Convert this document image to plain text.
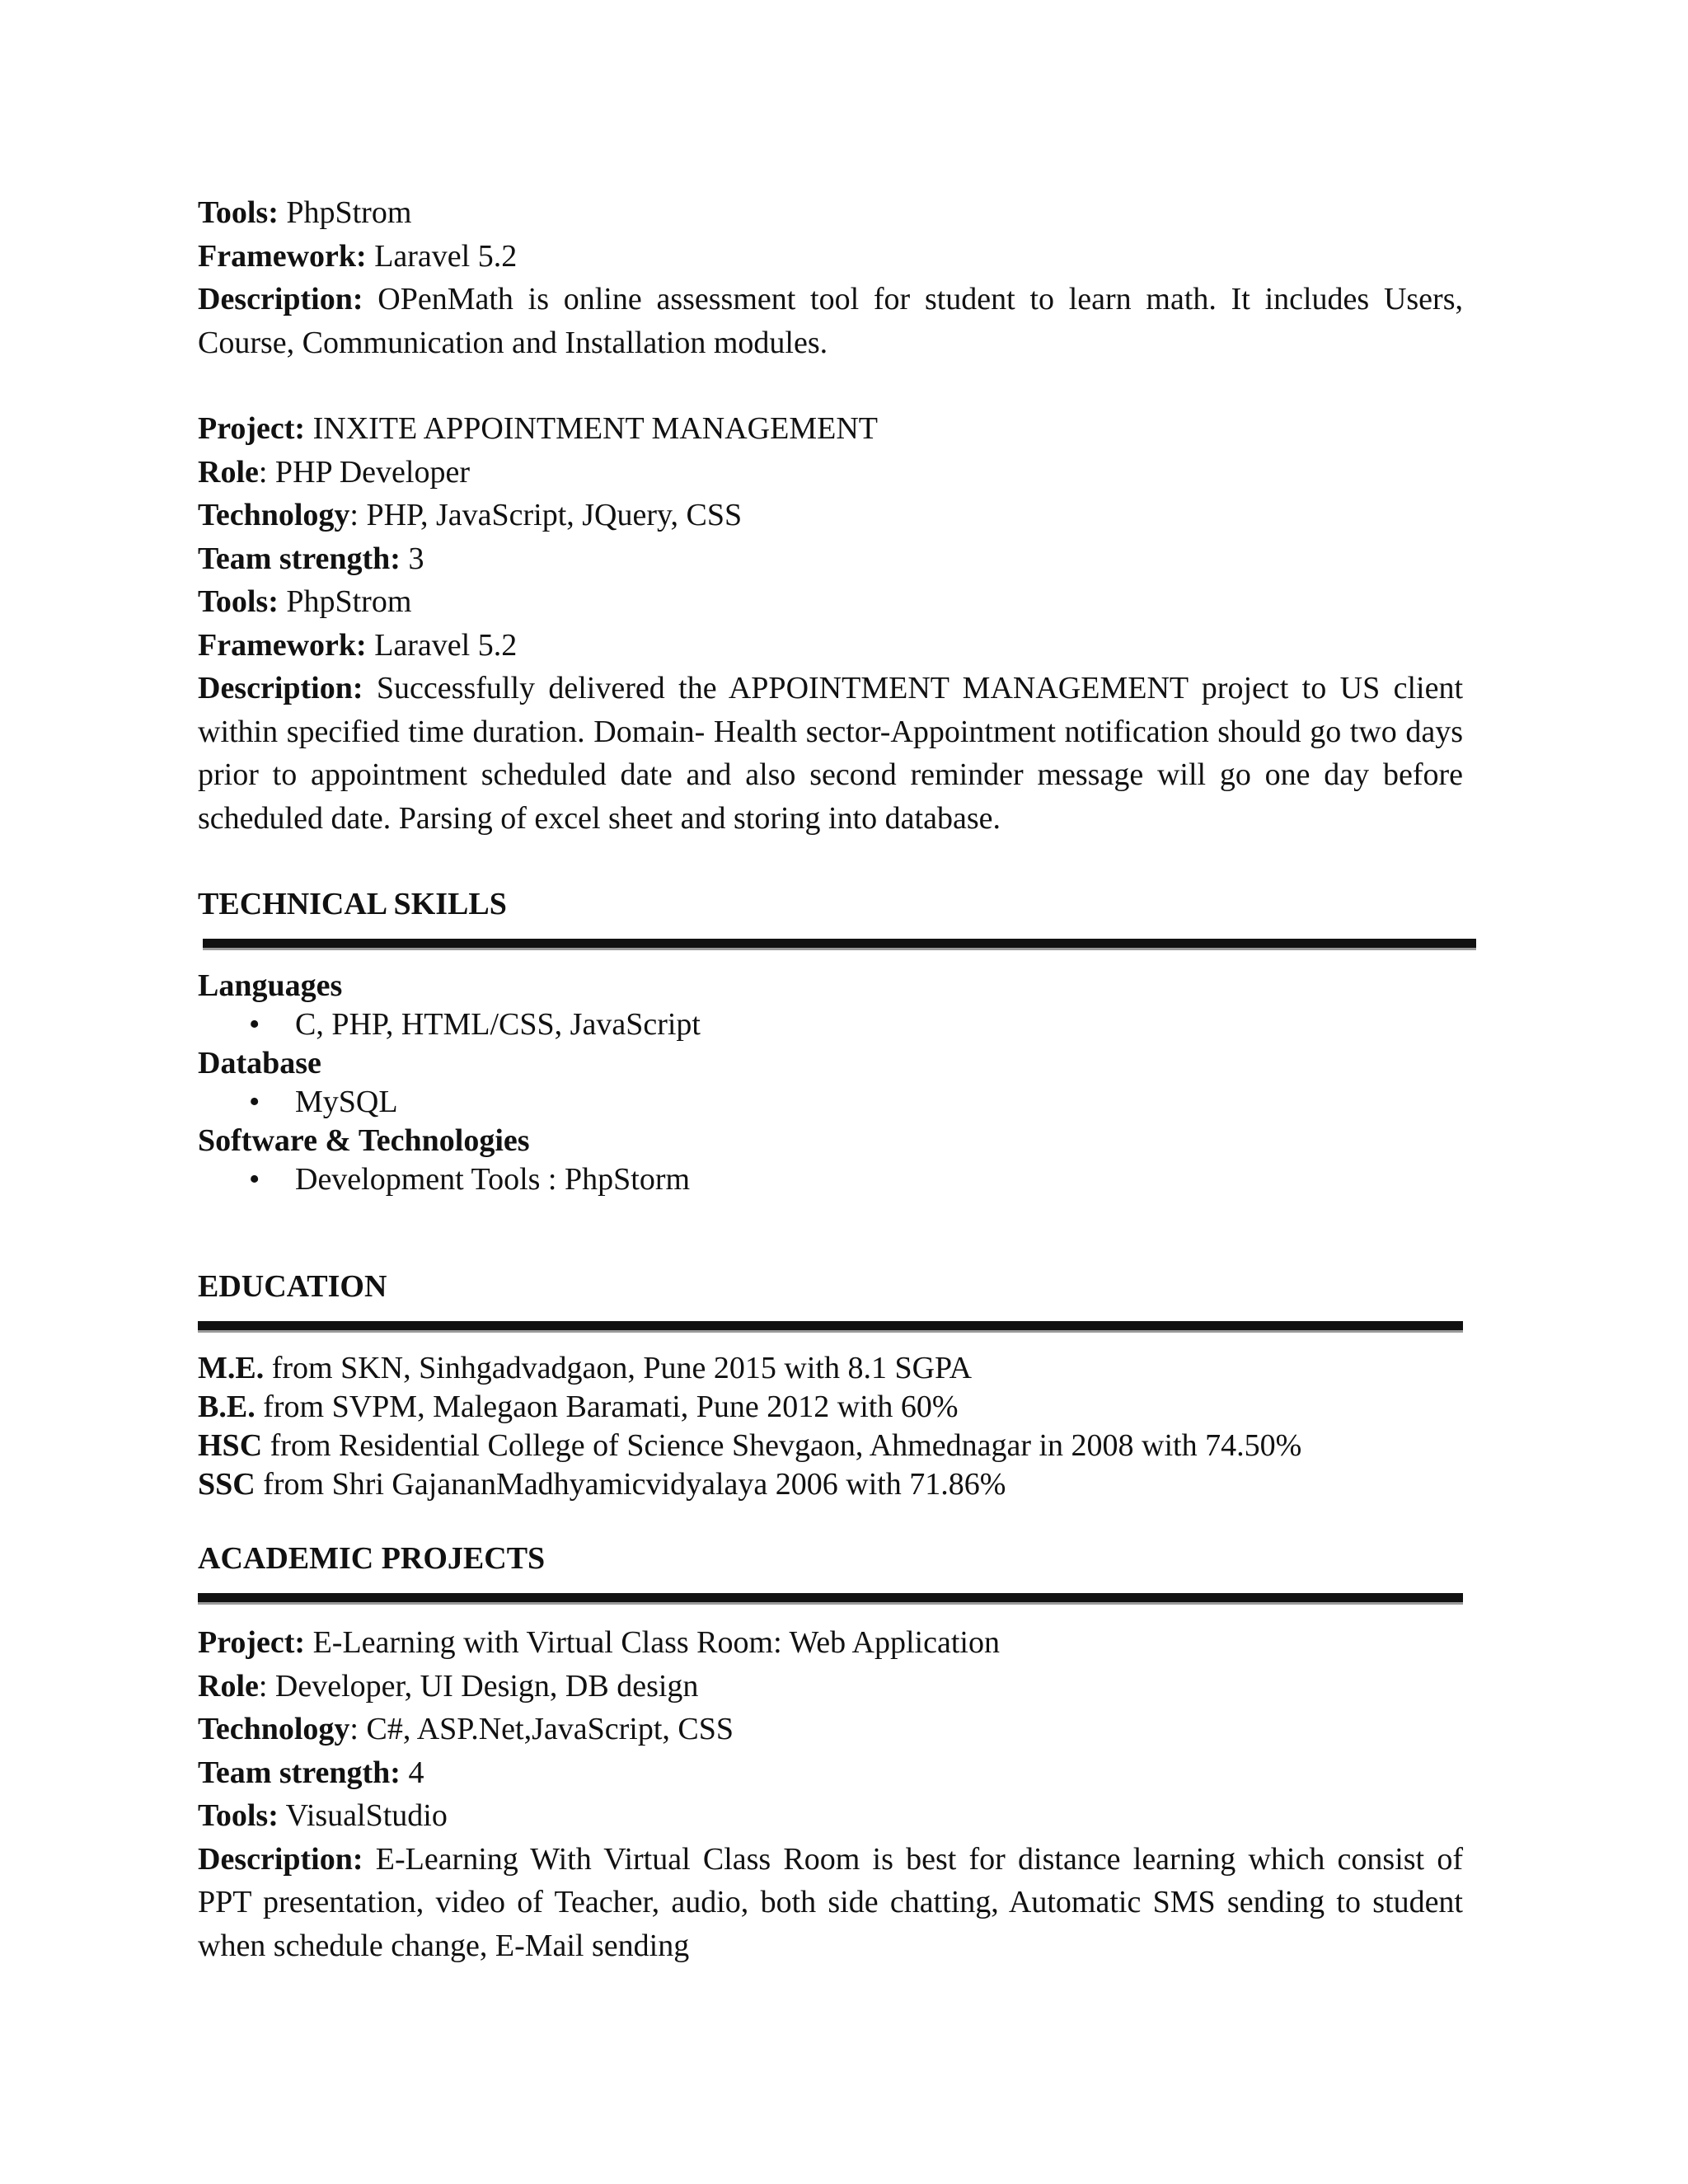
Tools: PhpStrom
Framework: Laravel 5.2
Description: OPenMath is online assessment tool for student to learn math. It includes Users, Course, Communication and Installation modules.
Project: INXITE APPOINTMENT MANAGEMENT
Role: PHP Developer
Technology: PHP, JavaScript, JQuery, CSS
Team strength: 3
Tools: PhpStrom
Framework: Laravel 5.2
Description: Successfully delivered the APPOINTMENT MANAGEMENT project to US client within specified time duration. Domain- Health sector-Appointment notification should go two days prior to appointment scheduled date and also second reminder message will go one day before scheduled date. Parsing of excel sheet and storing into database.
TECHNICAL SKILLS
Languages
• C, PHP, HTML/CSS, JavaScript
Database
• MySQL
Software & Technologies
• Development Tools : PhpStorm
EDUCATION
M.E. from SKN, Sinhgadvadgaon, Pune 2015 with 8.1 SGPA
B.E. from SVPM, Malegaon Baramati, Pune 2012 with 60%
HSC from Residential College of Science Shevgaon, Ahmednagar in 2008 with 74.50%
SSC from Shri GajananMadhyamicvidyalaya 2006 with 71.86%
ACADEMIC PROJECTS
Project: E-Learning with Virtual Class Room: Web Application
Role: Developer, UI Design, DB design
Technology: C#, ASP.Net,JavaScript, CSS
Team strength: 4
Tools: VisualStudio
Description: E-Learning With Virtual Class Room is best for distance learning which consist of PPT presentation, video of Teacher, audio, both side chatting, Automatic SMS sending to student when schedule change, E-Mail sending
